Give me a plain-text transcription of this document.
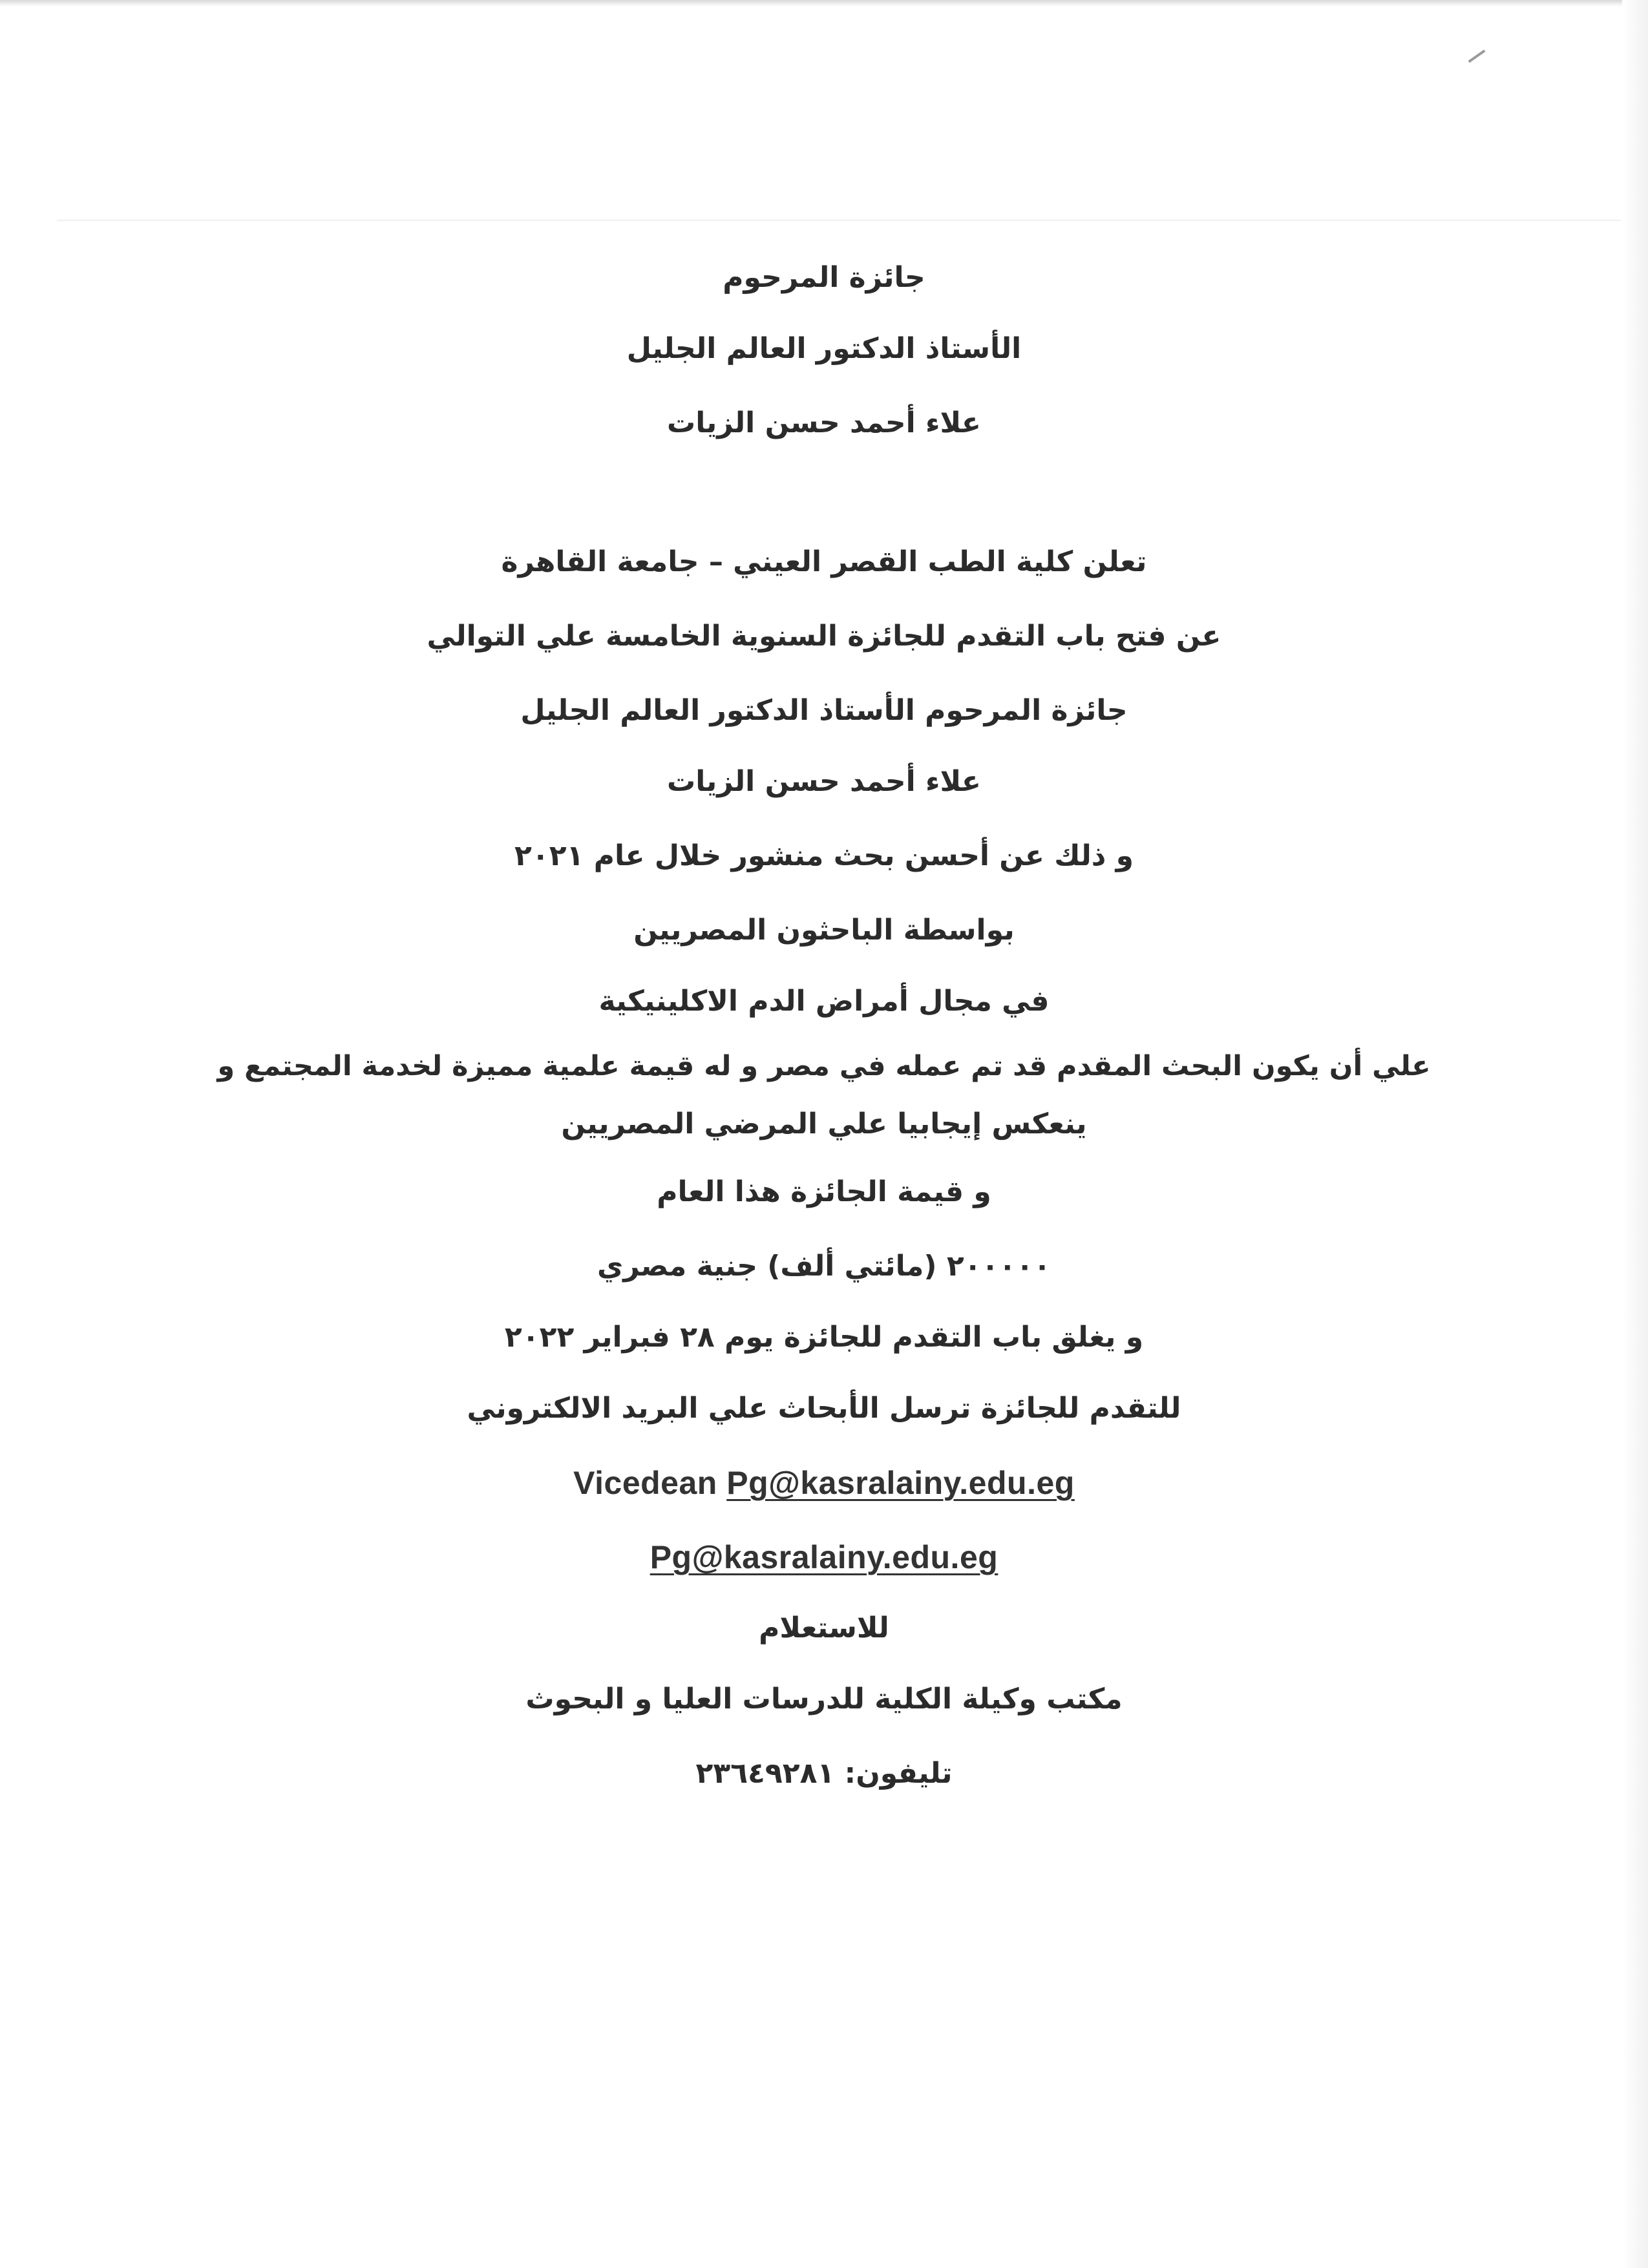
جائزة المرحوم
الأستاذ الدكتور العالم الجليل
علاء أحمد حسن الزيات
تعلن كلية الطب القصر العيني – جامعة القاهرة
عن فتح باب التقدم للجائزة السنوية الخامسة علي التوالي
جائزة المرحوم الأستاذ الدكتور العالم الجليل
علاء أحمد حسن الزيات
و ذلك عن أحسن بحث منشور خلال عام ٢٠٢١
بواسطة الباحثون المصريين
في مجال أمراض الدم الاكلينيكية
علي أن يكون البحث المقدم قد تم عمله في مصر و له قيمة علمية مميزة لخدمة المجتمع و
ينعكس إيجابيا علي المرضي المصريين
و قيمة الجائزة هذا العام
٢٠٠٠٠٠ (مائتي ألف) جنية مصري
و يغلق باب التقدم للجائزة يوم ٢٨ فبراير ٢٠٢٢
للتقدم للجائزة ترسل الأبحاث علي البريد الالكتروني
Vicedean Pg@kasralainy.edu.eg
Pg@kasralainy.edu.eg
للاستعلام
مكتب وكيلة الكلية للدرسات العليا و البحوث
تليفون: ٢٣٦٤٩٢٨١
